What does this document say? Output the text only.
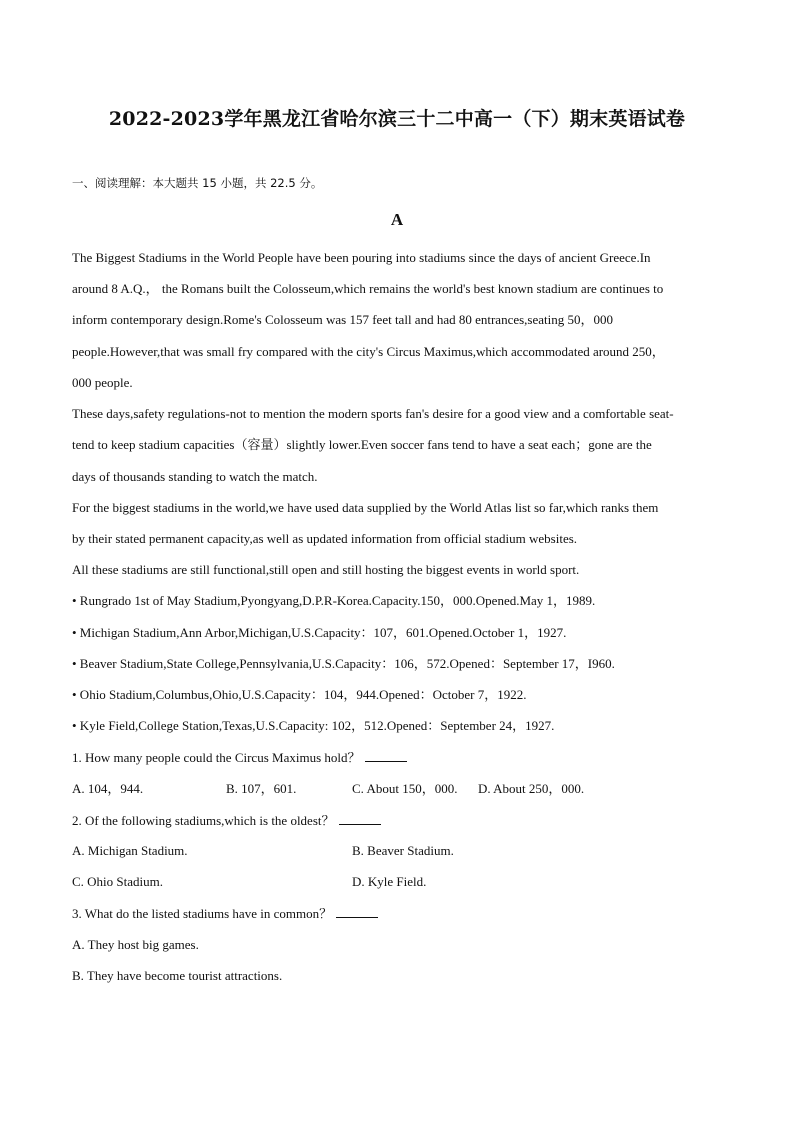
2022-2023学年黑龙江省哈尔滨三十二中高一（下）期末英语试卷
一、阅读理解：本大题共 15 小题，共 22.5 分。
A
The Biggest Stadiums in the World People have been pouring into stadiums since the days of ancient Greece.In
around 8 A.Q.， the Romans built the Colosseum,which remains the world's best known stadium are continues to
inform contemporary design.Rome's Colosseum was 157 feet tall and had 80 entrances,seating 50，000
people.However,that was small fry compared with the city's Circus Maximus,which accommodated around 250，
000 people.
These days,safety regulations-not to mention the modern sports fan's desire for a good view and a comfortable seat-
tend to keep stadium capacities（容量）slightly lower.Even soccer fans tend to have a seat each；gone are the
days of thousands standing to watch the match.
For the biggest stadiums in the world,we have used data supplied by the World Atlas list so far,which ranks them
by their stated permanent capacity,as well as updated information from official stadium websites.
All these stadiums are still functional,still open and still hosting the biggest events in world sport.
• Rungrado 1st of May Stadium,Pyongyang,D.P.R-Korea.Capacity.150，000.Opened.May 1，1989.
• Michigan Stadium,Ann Arbor,Michigan,U.S.Capacity：107，601.Opened.October 1，1927.
• Beaver Stadium,State College,Pennsylvania,U.S.Capacity：106，572.Opened：September 17，I960.
• Ohio Stadium,Columbus,Ohio,U.S.Capacity：104，944.Opened：October 7，1922.
• Kyle Field,College Station,Texas,U.S.Capacity: 102，512.Opened：September 24，1927.
1. How many people could the Circus Maximus hold？
A. 104，944.	B. 107，601.	C. About 150，000. D. About 250，000.
2. Of the following stadiums,which is the oldest？
A. Michigan Stadium.	B. Beaver Stadium.
C. Ohio Stadium.	D. Kyle Field.
3. What do the listed stadiums have in common？
A. They host big games.
B. They have become tourist attractions.
